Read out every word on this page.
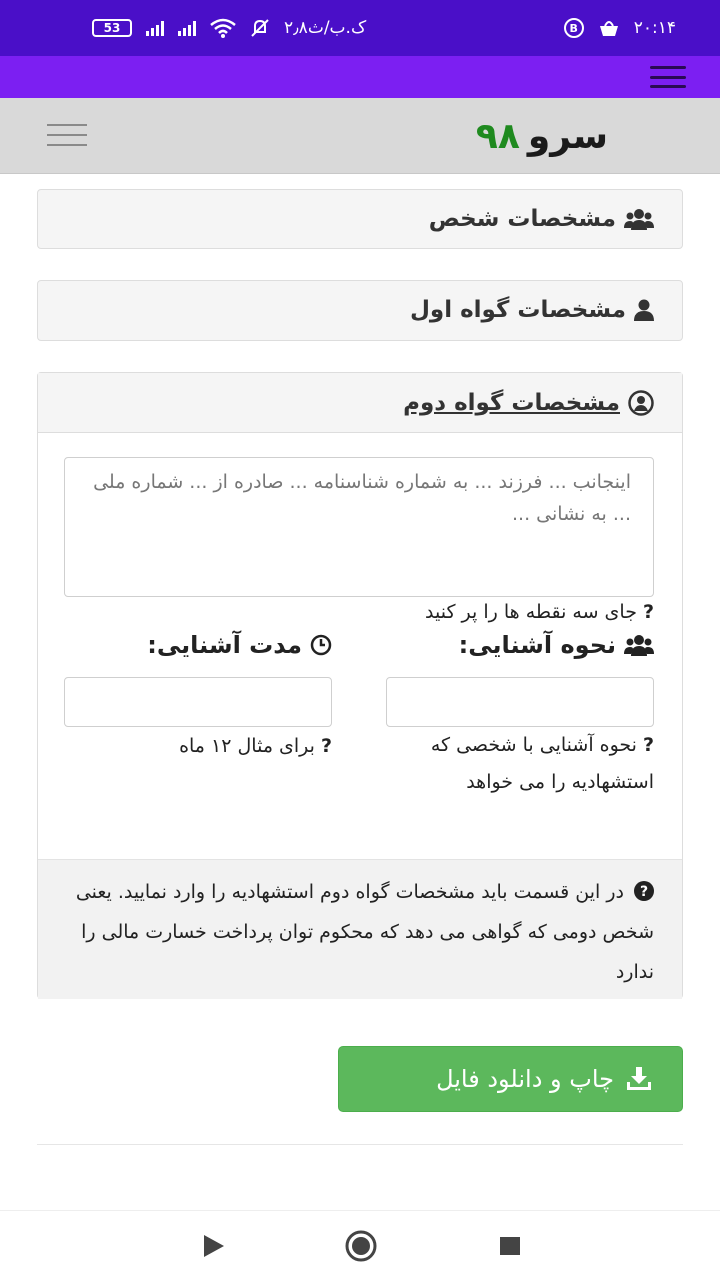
53	۲٫۸ک.ب/ث	B	۲۰:۱۴
سرو
۹۸
مشخصات شخص
مشخصات گواه اول
مشخصات گواه دوم
اینجانب ... فرزند ... به شماره شناسنامه ... صادره از ... شماره ملی ... به نشانی ...
?جای سه نقطه ها را پر کنید
نحوه آشنایی:
مدت آشنایی:
?نحوه آشنایی با شخصی که استشهادیه را می خواهد
?برای مثال ۱۲ ماه
?
در این قسمت باید مشخصات گواه دوم استشهادیه را وارد نمایید. یعنی شخص دومی که گواهی می دهد که محکوم توان پرداخت خسارت مالی را ندارد
چاپ و دانلود فایل
